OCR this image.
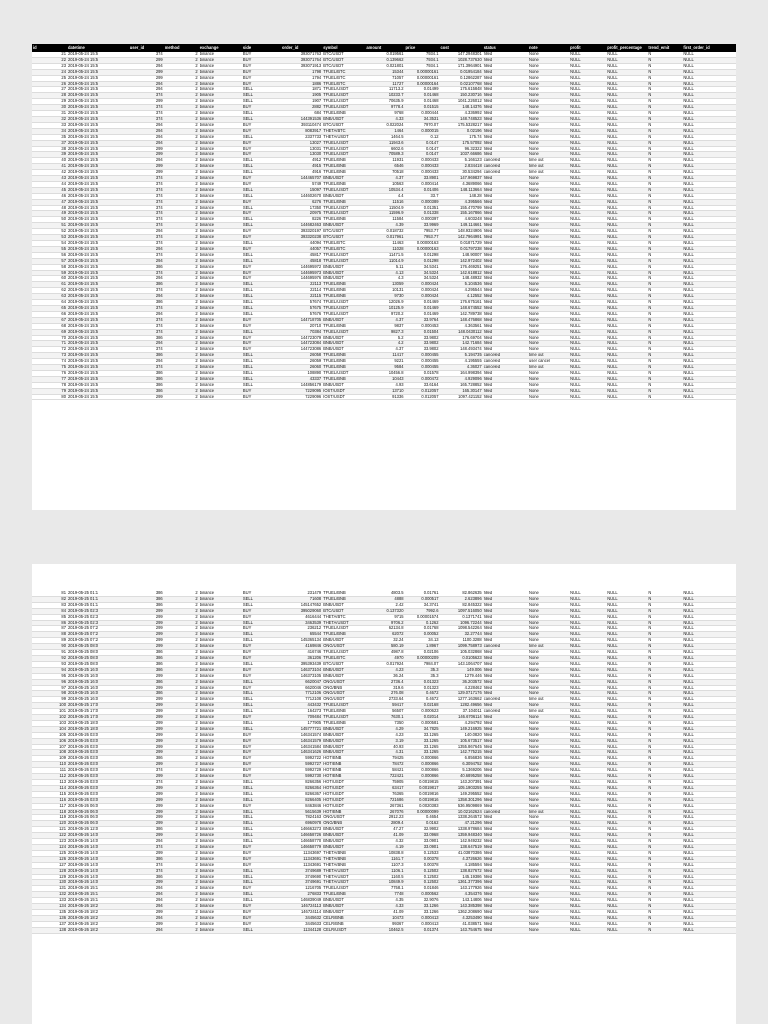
id	datetime	user_id	method	exchange	side	order_id	symbol	amount	price	cost	status	note	profit	profit_percentage	trend_emit	first_order_id
21	2019-05-24 15:5	374	2	binance	BUY	393071763	BTC/USDT	0.019561	7934.1	147.2948301	filled	None	NULL	NULL	N	NULL
22	2019-05-24 15:5	299	2	binance	BUY	393071764	BTC/USDT	0.139662	7934.1	1028.737630	filled	None	NULL	NULL	N	NULL
23	2019-05-24 15:5	294	2	binance	BUY	393071913	BTC/USDT	0.021801	7934.1	171.3964901	filled	None	NULL	NULL	N	NULL
24	2019-05-24 15:5	299	2	binance	BUY	1798	TFUEL/BTC	15344	0.00000161	0.01954184	filled	None	NULL	NULL	N	NULL
25	2019-05-24 15:5	299	2	binance	BUY	1794	TFUEL/BTC	71057	0.00000161	0.12862287	filled	None	NULL	NULL	N	NULL
26	2019-05-24 15:5	294	2	binance	BUY	1886	TFUEL/BTC	11727	0.00000164	0.02107768	filled	None	NULL	NULL	N	NULL
27	2019-05-24 15:5	294	2	binance	SELL	1871	TFUEL/USDT	11713.2	0.01499	175.615848	filled	None	NULL	NULL	N	NULL
28	2019-05-24 15:5	374	2	binance	SELL	1905	TFUEL/USDT	10233.7	0.01468	150.230716	filled	None	NULL	NULL	N	NULL
29	2019-05-24 15:5	299	2	binance	SELL	1907	TFUEL/USDT	70635.9	0.01468	1041.226012	filled	None	NULL	NULL	N	NULL
30	2019-05-24 15:5	374	2	binance	BUY	2882	TFUEL/USDT	9778.4	0.01515	148.14376	filled	None	NULL	NULL	N	NULL
31	2019-05-24 15:5	374	2	binance	SELL	684	TFUEL/BNB	9768	0.000444	4.336992	filled	None	NULL	NULL	N	NULL
32	2019-05-24 15:5	374	2	binance	SELL	144391536	BNB/USDT	4.33	34.3531	148.748523	filled	None	NULL	NULL	N	NULL
33	2019-05-24 15:5	294	2	binance	BUY	393110474	BTC/USDT	0.022024	7970.07	175.5328217	filled	None	NULL	NULL	N	NULL
34	2019-05-24 15:5	294	2	binance	BUY	8083917	THETA/BTC	1464	0.000015	0.02196	filled	None	NULL	NULL	N	NULL
35	2019-05-24 15:5	294	2	binance	SELL	2337733	THETA/USDT	1464.5	0.12	175.74	filled	None	NULL	NULL	N	NULL
37	2019-05-24 15:5	294	2	binance	BUY	13027	TFUEL/USDT	11943.6	0.0147	175.57092	filled	None	NULL	NULL	N	NULL
38	2019-05-24 15:5	299	2	binance	BUY	13031	TFUEL/USDT	6602.6	0.0147	96.32322	filled	None	NULL	NULL	N	NULL
39	2019-05-24 15:5	299	2	binance	BUY	13030	TFUEL/USDT	70589.3	0.0147	1037.66686	filled	None	NULL	NULL	N	NULL
40	2019-05-24 15:5	294	2	binance	SELL	4912	TFUEL/BNB	11931	0.000433	5.166123	canceled	time out	NULL	NULL	N	NULL
41	2019-05-24 15:5	299	2	binance	SELL	4915	TFUEL/BNB	6546	0.000433	2.834418	canceled	time out	NULL	NULL	N	NULL
42	2019-05-24 15:5	299	2	binance	SELL	4916	TFUEL/BNB	70518	0.000433	30.534294	canceled	time out	NULL	NULL	N	NULL
43	2019-05-24 15:5	374	2	binance	BUY	144465707	BNB/USDT	4.37	33.8901	147.969837	filled	None	NULL	NULL	N	NULL
44	2019-05-24 15:5	374	2	binance	BUY	5749	TFUEL/BNB	10563	0.000414	4.3689066	filled	None	NULL	NULL	N	NULL
45	2019-05-24 15:5	374	2	binance	SELL	15097	TFUEL/USDT	10534.4	0.01406	148.113664	filled	None	NULL	NULL	N	NULL
46	2019-05-24 15:5	374	2	binance	SELL	144602670	BNB/USDT	4.4	33.7	148.28	filled	None	NULL	NULL	N	NULL
47	2019-05-24 15:5	374	2	binance	BUY	6276	TFUEL/BNB	11516	0.000389	4.395566	filled	None	NULL	NULL	N	NULL
48	2019-05-24 15:5	374	2	binance	SELL	17350	TFUEL/USDT	11504.9	0.01351	155.470799	filled	None	NULL	NULL	N	NULL
49	2019-05-24 15:5	374	2	binance	BUY	20975	TFUEL/USDT	11596.9	0.01338	155.167866	filled	None	NULL	NULL	N	NULL
50	2019-05-24 15:5	374	2	binance	SELL	8226	TFUEL/BNB	11584	0.000397	4.603248	filled	None	NULL	NULL	N	NULL
51	2019-05-24 15:5	374	2	binance	SELL	144682463	BNB/USDT	4.39	33.9969	149.114661	filled	None	NULL	NULL	N	NULL
52	2019-05-24 15:5	294	2	binance	BUY	393320197	BTC/USDT	0.018732	7953.77	148.9324906	filled	None	NULL	NULL	N	NULL
53	2019-05-24 15:5	374	2	binance	BUY	393320238	BTC/USDT	0.017961	7953.77	142.7964991	filled	None	NULL	NULL	N	NULL
54	2019-05-24 15:5	374	2	binance	SELL	44094	TFUEL/BTC	11463	0.00000163	0.01871729	filled	None	NULL	NULL	N	NULL
55	2019-05-24 15:5	294	2	binance	BUY	44057	TFUEL/BTC	11028	0.00000163	0.01797238	filled	None	NULL	NULL	N	NULL
56	2019-05-24 15:5	374	2	binance	SELL	45817	TFUEL/USDT	11471.5	0.01298	148.90007	filled	None	NULL	NULL	N	NULL
57	2019-05-24 15:5	294	2	binance	SELL	45818	TFUEL/USDT	11014.9	0.01298	142.972402	filled	None	NULL	NULL	N	NULL
58	2019-05-24 15:5	386	2	binance	BUY	144695972	BNB/USDT	5.11	34.5341	176.469251	filled	None	NULL	NULL	N	NULL
59	2019-05-24 15:5	374	2	binance	BUY	144695973	BNB/USDT	4.13	34.5324	142.618812	filled	None	NULL	NULL	N	NULL
60	2019-05-24 15:5	294	2	binance	BUY	144695976	BNB/USDT	4.3	34.5324	148.48932	filled	None	NULL	NULL	N	NULL
61	2019-05-24 15:5	386	2	binance	SELL	22113	TFUEL/BNB	13059	0.000424	5.104536	filled	None	NULL	NULL	N	NULL
62	2019-05-24 15:5	374	2	binance	SELL	22114	TFUEL/BNB	10131	0.000424	4.295544	filled	None	NULL	NULL	N	NULL
63	2019-05-24 15:5	294	2	binance	SELL	22115	TFUEL/BNB	9730	0.000424	4.12552	filled	None	NULL	NULL	N	NULL
64	2019-05-24 15:5	386	2	binance	SELL	57674	TFUEL/USDT	12026.9	0.01469	176.675161	filled	None	NULL	NULL	N	NULL
65	2019-05-24 15:5	374	2	binance	SELL	57675	TFUEL/USDT	10125.9	0.01469	148.674552	filled	None	NULL	NULL	N	NULL
66	2019-05-24 15:5	294	2	binance	SELL	57676	TFUEL/USDT	9720.2	0.01469	142.789738	filled	None	NULL	NULL	N	NULL
67	2019-05-24 15:5	374	2	binance	BUY	144718705	BNB/USDT	4.37	33.9764	148.476868	filled	None	NULL	NULL	N	NULL
68	2019-05-24 15:5	374	2	binance	BUY	20710	TFUEL/BNB	9837	0.000453	4.363561	filled	None	NULL	NULL	N	NULL
69	2019-05-24 15:5	374	2	binance	SELL	70384	TFUEL/USDT	9827.3	0.01504	148.0430112	filled	None	NULL	NULL	N	NULL
70	2019-05-24 15:5	386	2	binance	BUY	144723079	BNB/USDT	5.2	33.9802	176.69704	filled	None	NULL	NULL	N	NULL
71	2019-05-24 15:5	294	2	binance	BUY	144723084	BNB/USDT	4.2	33.9802	142.71684	filled	None	NULL	NULL	N	NULL
72	2019-05-24 15:5	374	2	binance	BUY	144723086	BNB/USDT	4.37	33.9802	148.493474	filled	None	NULL	NULL	N	NULL
73	2019-05-24 15:5	386	2	binance	SELL	26058	TFUEL/BNB	11417	0.000455	5.194735	canceled	time out	NULL	NULL	N	NULL
74	2019-05-24 15:5	294	2	binance	SELL	26059	TFUEL/BNB	9221	0.000455	4.195555	canceled	user cancel	NULL	NULL	N	NULL
75	2019-05-24 15:5	374	2	binance	SELL	26060	TFUEL/BNB	9584	0.000455	4.36027	canceled	time out	NULL	NULL	N	NULL
76	2019-05-24 15:5	386	2	binance	SELL	108890	TFUEL/USDT	10456.8	0.01578	164.998394	filled	None	NULL	NULL	N	NULL
77	2019-05-24 15:5	386	2	binance	SELL	43337	TFUEL/BNB	10443	0.000472	4.929096	filled	None	NULL	NULL	N	NULL
78	2019-05-24 15:5	386	2	binance	SELL	144856179	BNB/USDT	4.93	33.6164	165.728852	filled	None	NULL	NULL	N	NULL
79	2019-05-24 15:5	386	2	binance	BUY	7229095	IOST/USDT	13710	0.012057	165.30147	filled	None	NULL	NULL	N	NULL
80	2019-05-24 15:5	299	2	binance	BUY	7229096	IOST/USDT	91336	0.012057	1097.421152	filled	None	NULL	NULL	N	NULL
81	2019-05-25 01:1	386	2	binance	BUY	231479	TFUEL/BNB	4803.5	0.01761	82.862635	filled	None	NULL	NULL	N	NULL
82	2019-05-25 01:1	386	2	binance	SELL	71608	TFUEL/BNB	4888	0.000517	2.623896	filled	None	NULL	NULL	N	NULL
83	2019-05-25 01:1	386	2	binance	SELL	145147652	BNB/USDT	2.42	34.3741	82.845322	filled	None	NULL	NULL	N	NULL
84	2019-05-25 02:3	299	2	binance	BUY	395029060	BTC/USDT	0.137320	7992.6	1097.516050	filled	None	NULL	NULL	N	NULL
85	2019-05-25 02:3	299	2	binance	BUY	4616444	THETA/BTC	9715	0.00001574	0.1371741	filled	None	NULL	NULL	N	NULL
86	2019-05-25 02:3	299	2	binance	SELL	3463539	THETA/USDT	9706.2	0.1262	1096.72244	filled	None	NULL	NULL	N	NULL
87	2019-05-25 07:2	299	2	binance	BUY	236212	TFUEL/USDT	62134.8	0.01768	1098.542264	filled	None	NULL	NULL	N	NULL
88	2019-05-25 07:2	299	2	binance	SELL	65544	TFUEL/BNB	62072	0.00052	32.27744	filled	None	NULL	NULL	N	NULL
89	2019-05-25 07:2	299	2	binance	SELL	145365134	BNB/USDT	32.24	34.13	1100.3288	filled	None	NULL	NULL	N	NULL
90	2019-05-25 08:0	299	2	binance	BUY	4169846	ONG/USDT	580.19	1.8967	1099.758973	canceled	time out	NULL	NULL	N	NULL
91	2019-05-25 08:0	386	2	binance	BUY	416746	TFUEL/USDT	4987.8	0.02106	105.032868	filled	None	NULL	NULL	N	NULL
92	2019-05-25 08:0	386	2	binance	BUY	361206	TFUEL/BTC	4970	0.00000209	0.0105623	filled	None	NULL	NULL	N	NULL
93	2019-05-25 08:0	386	2	binance	SELL	395393439	BTC/USDT	0.017924	7984.07	143.1064707	filled	None	NULL	NULL	N	NULL
94	2019-05-25 16:0	386	2	binance	BUY	146373104	BNB/USDT	4.23	35.3	149.006	filled	None	NULL	NULL	N	NULL
95	2019-05-25 16:0	299	2	binance	BUY	146373105	BNB/USDT	36.24	35.3	1279.446	filled	None	NULL	NULL	N	NULL
96	2019-05-25 16:0	386	2	binance	SELL	6620047	ONG/USDT	2736.4	0.01323	36.203572	filled	None	NULL	NULL	N	NULL
97	2019-05-25 16:0	299	2	binance	BUY	6620046	ONG/BNB	319.6	0.01323	4.228462	filled	None	NULL	NULL	N	NULL
98	2019-05-25 16:0	386	2	binance	SELL	7712106	ONG/USDT	276.08	0.4672	129.0717176	filled	None	NULL	NULL	N	NULL
99	2019-05-25 16:0	299	2	binance	SELL	7712108	ONG/USDT	2733.64	0.4672	1277.163662	canceled	time out	NULL	NULL	N	NULL
100	2019-05-25 17:0	299	2	binance	SELL	443432	TFUEL/USDT	59417	0.02168	1282.49656	filled	None	NULL	NULL	N	NULL
101	2019-05-25 17:0	299	2	binance	SELL	164273	TFUEL/BNB	56507	0.000623	37.104011	canceled	time out	NULL	NULL	N	NULL
102	2019-05-25 17:0	299	2	binance	BUY	709484	TFUEL/USDT	7630.1	0.02014	146.6706114	filled	None	NULL	NULL	N	NULL
103	2019-05-25 18:0	299	2	binance	SELL	177905	TFUEL/BNB	7350	0.000581	4.294792	filled	None	NULL	NULL	N	NULL
104	2019-05-25 18:0	299	2	binance	SELL	145777721	BNB/USDT	4.29	34.7825	149.216925	filled	None	NULL	NULL	N	NULL
105	2019-05-26 03:0	299	2	binance	BUY	146341574	BNB/USDT	4.23	33.1265	140.0820	filled	None	NULL	NULL	N	NULL
106	2019-05-26 03:0	299	2	binance	BUY	146341579	BNB/USDT	3.19	33.1265	105.673517	filled	None	NULL	NULL	N	NULL
107	2019-05-26 03:0	299	2	binance	BUY	146341584	BNB/USDT	40.93	33.1265	1355.867645	filled	None	NULL	NULL	N	NULL
108	2019-05-26 03:0	299	2	binance	BUY	146341626	BNB/USDT	4.31	33.1265	142.775215	filled	None	NULL	NULL	N	NULL
109	2019-05-26 03:0	386	2	binance	BUY	5992722	HOT/BNB	79425	0.000866	6.856836	filled	None	NULL	NULL	N	NULL
110	2019-05-26 03:0	299	2	binance	BUY	5992727	HOT/BNB	78472	0.000866	6.3094752	filled	None	NULL	NULL	N	NULL
111	2019-05-26 03:0	374	2	binance	BUY	5992729	HOT/BNB	58421	0.000866	5.1369206	filled	None	NULL	NULL	N	NULL
112	2019-05-26 03:0	299	2	binance	BUY	5992730	HOT/BNB	722421	0.000866	40.6895258	filled	None	NULL	NULL	N	NULL
113	2019-05-26 03:0	374	2	binance	SELL	8266356	HOT/USDT	75905	0.0019815	143.207391	filled	None	NULL	NULL	N	NULL
114	2019-05-26 03:0	299	2	binance	SELL	8266364	HOT/USDT	63417	0.0019817	105.1903255	filled	None	NULL	NULL	N	NULL
115	2019-05-26 03:0	299	2	binance	SELL	8266367	HOT/USDT	76365	0.0019816	149.295552	filled	None	NULL	NULL	N	NULL
116	2019-05-26 03:0	299	2	binance	SELL	8266405	HOT/USDT	721686	0.0019816	1358.301296	filled	None	NULL	NULL	N	NULL
117	2019-05-26 06:0	299	2	binance	BUY	8463846	HOT/USDT	267361	0.0020383	536.9509869	filled	None	NULL	NULL	N	NULL
118	2019-05-26 06:0	299	2	binance	SELL	5615639	HOT/BNB	267076	0.00000099	10.02162624	canceled	time out	NULL	NULL	N	NULL
119	2019-05-26 06:0	299	2	binance	SELL	7824163	ONG/USDT	2912.23	0.4654	1338.264572	filled	None	NULL	NULL	N	NULL
120	2019-05-26 06:0	299	2	binance	SELL	6960978	ONG/BNB	2809.4	0.0162	47.21296	filled	None	NULL	NULL	N	NULL
121	2019-05-26 12:0	386	2	binance	SELL	146663273	BNB/USDT	47.27	32.9902	1338.978684	filled	None	NULL	NULL	N	NULL
122	2019-05-26 14:0	299	2	binance	SELL	146658726	BNB/USDT	41.09	33.0968	1359.948340	filled	None	NULL	NULL	N	NULL
123	2019-05-26 14:0	294	2	binance	SELL	146658770	BNB/USDT	4.32	33.0901	142.949232	filled	None	NULL	NULL	N	NULL
124	2019-05-26 14:0	374	2	binance	BUY	146658779	BNB/USDT	4.19	33.0901	138.647519	filled	None	NULL	NULL	N	NULL
125	2019-05-26 14:0	299	2	binance	BUY	11343697	THETA/BNB	10838.8	0.12533	41.03870386	filled	None	NULL	NULL	N	NULL
126	2019-05-26 14:0	386	2	binance	BUY	11343691	THETA/BNB	1161.7	0.00378	4.3726626	filled	None	NULL	NULL	N	NULL
127	2019-05-26 14:0	374	2	binance	BUY	11343691	THETA/BNB	1107.3	0.00378	4.185594	filled	None	NULL	NULL	N	NULL
128	2019-05-26 14:0	374	2	binance	SELL	3749689	THETA/USDT	1106.1	0.12502	138.827672	filled	None	NULL	NULL	N	NULL
129	2019-05-26 14:0	386	2	binance	SELL	3749690	THETA/USDT	1160.5	0.12502	145.19386	filled	None	NULL	NULL	N	NULL
130	2019-05-26 14:0	299	2	binance	SELL	3749691	THETA/USDT	10849.9	0.12502	1361.377396	filled	None	NULL	NULL	N	NULL
131	2019-05-26 15:1	294	2	binance	BUY	1216705	TFUEL/USDT	7758.1	0.01846	143.177926	filled	None	NULL	NULL	N	NULL
132	2019-05-26 15:1	294	2	binance	SELL	276833	TFUEL/BNB	7748	0.000562	4.354376	filled	None	NULL	NULL	N	NULL
133	2019-05-26 15:1	294	2	binance	SELL	146839049	BNB/USDT	4.35	32.9076	143.14806	filled	None	NULL	NULL	N	NULL
134	2019-05-26 18:2	294	2	binance	BUY	146724113	BNB/USDT	4.33	33.1266	143.385398	filled	None	NULL	NULL	N	NULL
135	2019-05-26 18:2	299	2	binance	BUY	146724114	BNB/USDT	41.09	33.1266	1362.208690	filled	None	NULL	NULL	N	NULL
136	2019-05-26 18:2	294	2	binance	BUY	3445632	CELR/BNB	10473	0.000413	4.3253490	filled	None	NULL	NULL	N	NULL
137	2019-05-26 18:2	299	2	binance	BUY	3445633	CELR/BNB	99367	0.000413	41.038571	filled	None	NULL	NULL	N	NULL
138	2019-05-26 18:2	294	2	binance	SELL	11344128	CELR/USDT	10462.5	0.01374	143.754675	filled	None	NULL	NULL	N	NULL
